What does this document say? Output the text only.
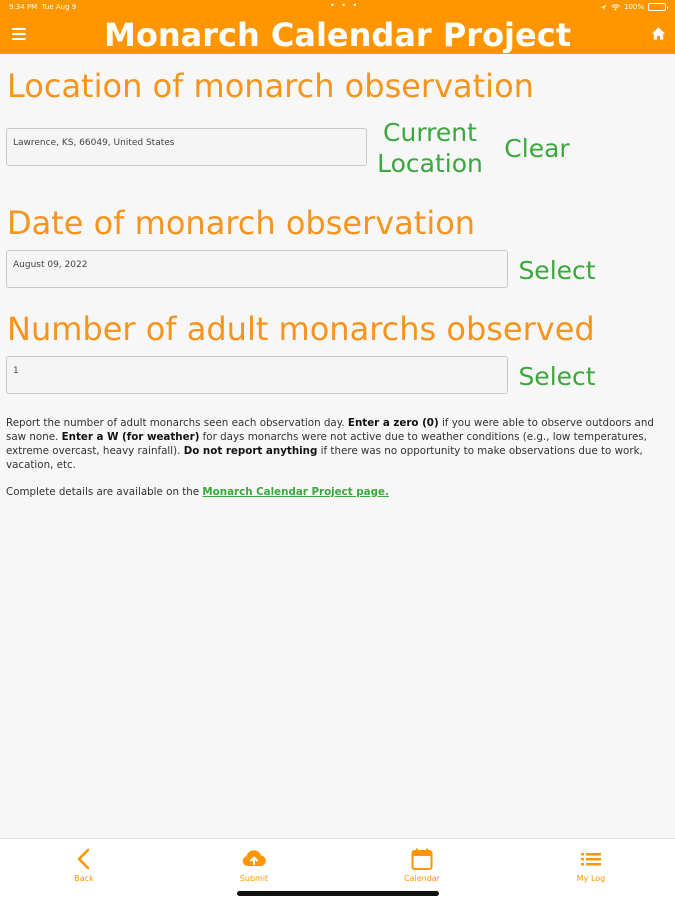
9:34 PM Tue Aug 9	• • •	100%
Monarch Calendar Project
Location of monarch observation
Lawrence, KS, 66049, United States	Current
Location
Clear
Date of monarch observation
August 09, 2022	Select
Number of adult monarchs observed
1	Select
Report the number of adult monarchs seen each observation day. Enter a zero (0) if you were able to observe outdoors and saw none. Enter a W (for weather) for days monarchs were not active due to weather conditions (e.g., low temperatures, extreme overcast, heavy rainfall). Do not report anything if there was no opportunity to make observations due to work, vacation, etc.
Complete details are available on the Monarch Calendar Project page.
Back	Submit	Calendar	My Log
